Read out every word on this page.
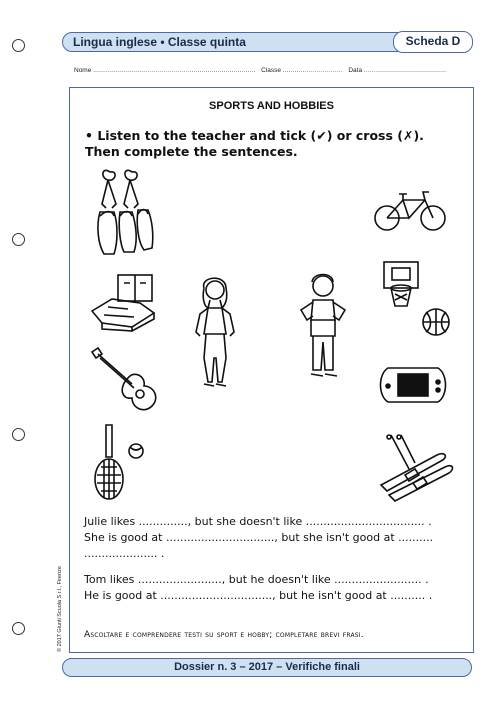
Lingua inglese • Classe quinta	Scheda D
Nome ................................................................................. Classe .............................. Data .........................................
SPORTS AND HOBBIES
• Listen to the teacher and tick (✔) or cross (✗).
Then complete the sentences.

Julie likes .............., but she doesn't like .................................. .

She is good at ..............................., but she isn't good at ..........

..................... .

Tom likes ........................, but he doesn't like ......................... .

He is good at ................................, but he isn't good at .......... .

Ascoltare e comprendere testi su sport e hobby; completare brevi frasi.
© 2017 Giunti Scuola S.r.l., Firenze
Dossier n. 3 – 2017 – Verifiche finali
